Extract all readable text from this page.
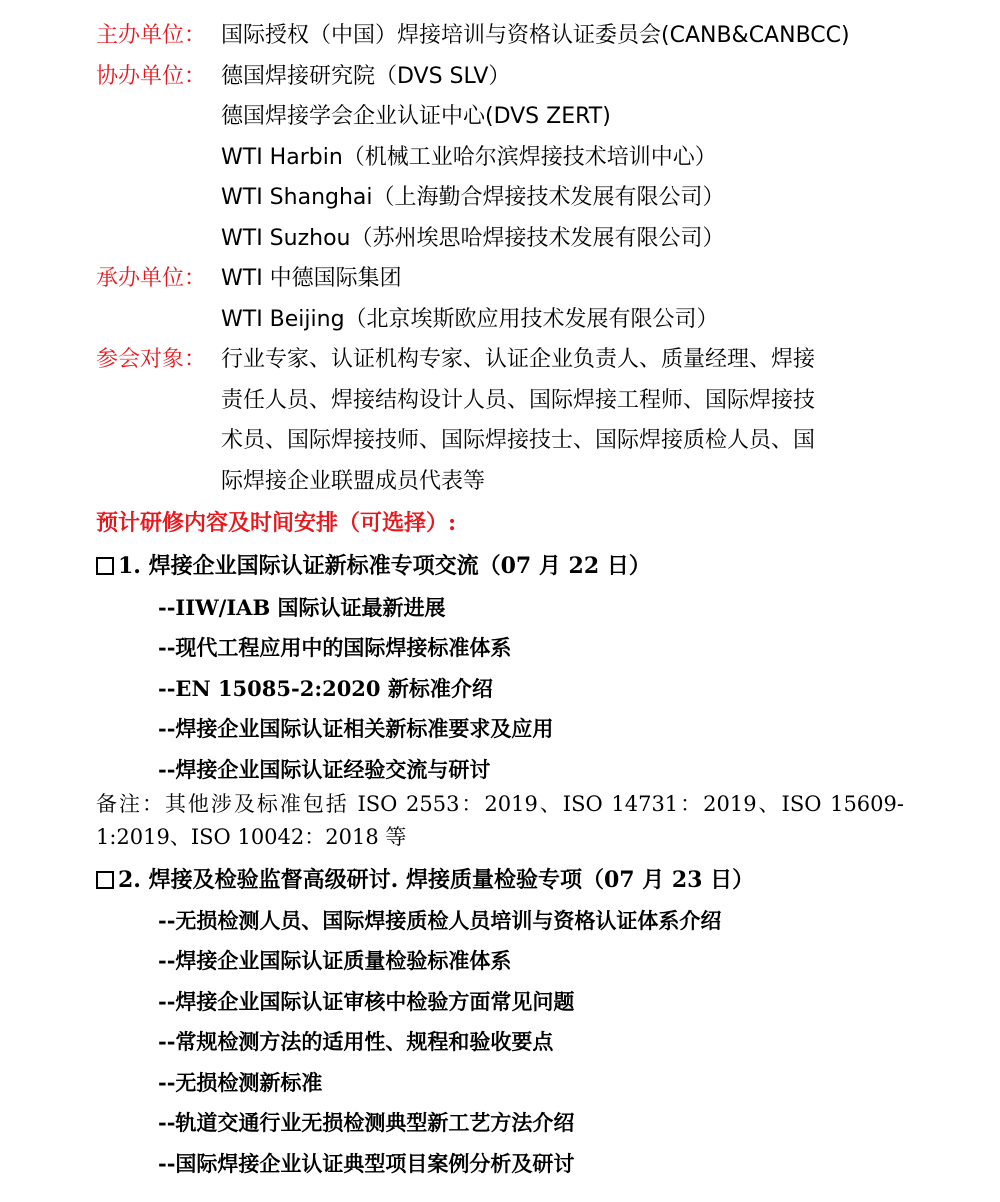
主办单位： 国际授权（中国）焊接培训与资格认证委员会(CANB&CANBCC)
协办单位： 德国焊接研究院（DVS SLV）
德国焊接学会企业认证中心(DVS ZERT)
WTI Harbin（机械工业哈尔滨焊接技术培训中心）
WTI Shanghai（上海勤合焊接技术发展有限公司）
WTI Suzhou（苏州埃思哈焊接技术发展有限公司）
承办单位： WTI 中德国际集团
WTI Beijing（北京埃斯欧应用技术发展有限公司）
参会对象： 行业专家、认证机构专家、认证企业负责人、质量经理、焊接
责任人员、焊接结构设计人员、国际焊接工程师、国际焊接技
术员、国际焊接技师、国际焊接技士、国际焊接质检人员、国
际焊接企业联盟成员代表等
预计研修内容及时间安排（可选择）:
1. 焊接企业国际认证新标准专项交流（07 月 22 日）
--IIW/IAB 国际认证最新进展
--现代工程应用中的国际焊接标准体系
--EN 15085-2:2020 新标准介绍
--焊接企业国际认证相关新标准要求及应用
--焊接企业国际认证经验交流与研讨
备注：其他涉及标准包括 ISO 2553：2019、ISO 14731：2019、ISO 15609-1:2019、ISO 10042：2018 等
2. 焊接及检验监督高级研讨. 焊接质量检验专项（07 月 23 日）
--无损检测人员、国际焊接质检人员培训与资格认证体系介绍
--焊接企业国际认证质量检验标准体系
--焊接企业国际认证审核中检验方面常见问题
--常规检测方法的适用性、规程和验收要点
--无损检测新标准
--轨道交通行业无损检测典型新工艺方法介绍
--国际焊接企业认证典型项目案例分析及研讨
